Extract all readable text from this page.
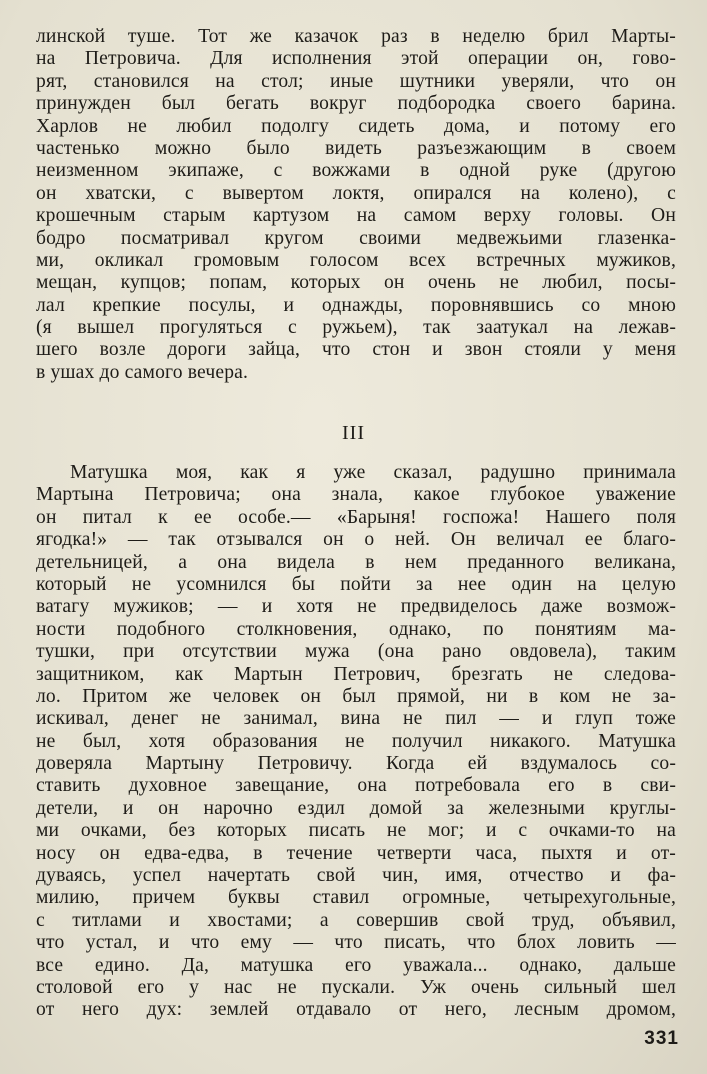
линской туше. Тот же казачок раз в неделю брил Марты-
на Петровича. Для исполнения этой операции он, гово-
рят, становился на стол; иные шутники уверяли, что он
принужден был бегать вокруг подбородка своего барина.
Харлов не любил подолгу сидеть дома, и потому его
частенько можно было видеть разъезжающим в своем
неизменном экипаже, с вожжами в одной руке (другою
он хватски, с вывертом локтя, опирался на колено), с
крошечным старым картузом на самом верху головы. Он
бодро посматривал кругом своими медвежьими глазенка-
ми, окликал громовым голосом всех встречных мужиков,
мещан, купцов; попам, которых он очень не любил, посы-
лал крепкие посулы, и однажды, поровнявшись со мною
(я вышел прогуляться с ружьем), так заатукал на лежав-
шего возле дороги зайца, что стон и звон стояли у меня
в ушах до самого вечера.
III
Матушка моя, как я уже сказал, радушно принимала
Мартына Петровича; она знала, какое глубокое уважение
он питал к ее особе.— «Барыня! госпожа! Нашего поля
ягодка!» — так отзывался он о ней. Он величал ее благо-
детельницей, а она видела в нем преданного великана,
который не усомнился бы пойти за нее один на целую
ватагу мужиков; — и хотя не предвиделось даже возмож-
ности подобного столкновения, однако, по понятиям ма-
тушки, при отсутствии мужа (она рано овдовела), таким
защитником, как Мартын Петрович, брезгать не следова-
ло. Притом же человек он был прямой, ни в ком не за-
искивал, денег не занимал, вина не пил — и глуп тоже
не был, хотя образования не получил никакого. Матушка
доверяла Мартыну Петровичу. Когда ей вздумалось со-
ставить духовное завещание, она потребовала его в сви-
детели, и он нарочно ездил домой за железными круглы-
ми очками, без которых писать не мог; и с очками-то на
носу он едва-едва, в течение четверти часа, пыхтя и от-
дуваясь, успел начертать свой чин, имя, отчество и фа-
милию, причем буквы ставил огромные, четырехугольные,
с титлами и хвостами; а совершив свой труд, объявил,
что устал, и что ему — что писать, что блох ловить —
все едино. Да, матушка его уважала... однако, дальше
столовой его у нас не пускали. Уж очень сильный шел
от него дух: землей отдавало от него, лесным дромом,
331
